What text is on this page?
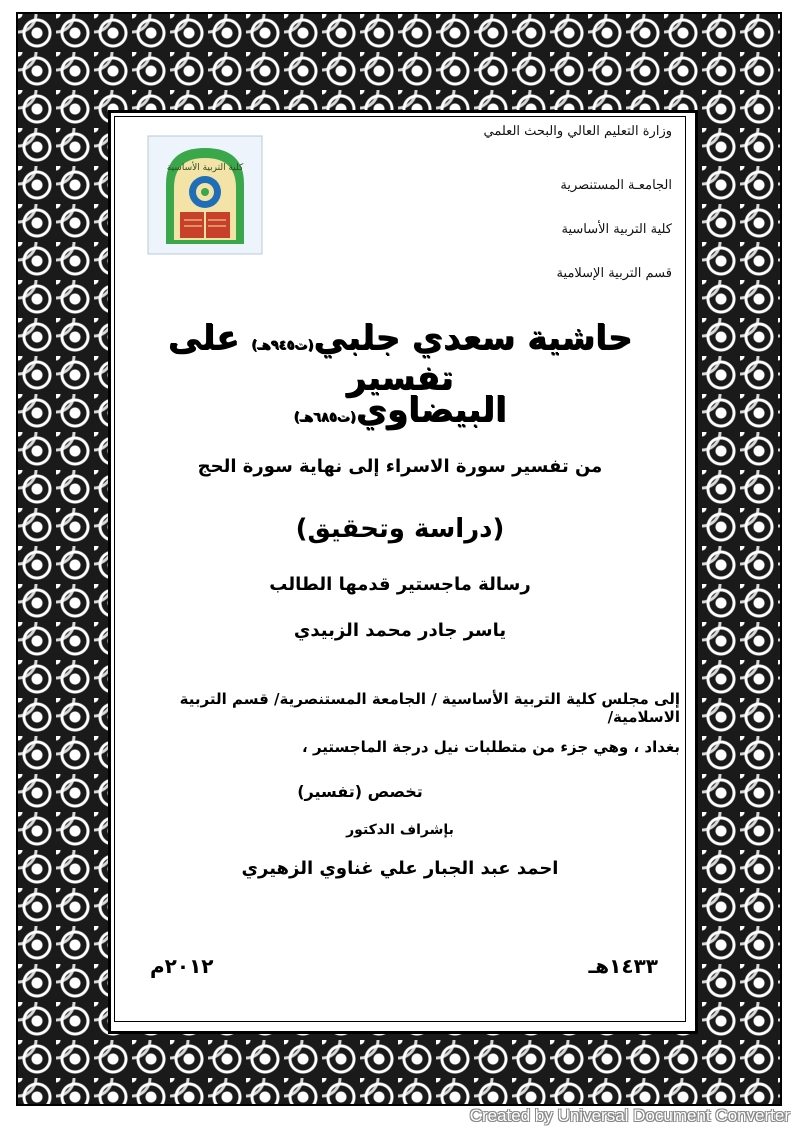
كلية التربية الأساسية
وزارة التعليم العالي والبحث العلمي
الجامعـة المستنصرية
كلية التربية الأساسية
قسم التربية الإسلامية
حاشية سعدي جلبي(ت٩٤٥هـ) على تفسير
البيضاوي(ت٦٨٥هـ)
من تفسير سورة الاسراء إلى نهاية سورة الحج
(دراسة وتحقيق)
رسالة ماجستير قدمها الطالب
ياسر جادر محمد الزبيدي
إلى مجلس كلية التربية الأساسية / الجامعة المستنصرية/ قسم التربية الاسلامية/
بغداد ، وهي جزء من متطلبات نيل درجة الماجستير ،
تخصص (تفسير)
بإشراف الدكتور
احمد عبد الجبار علي غناوي الزهيري
١٤٣٣هـ
٢٠١٢م
Created by Universal Document Converter
